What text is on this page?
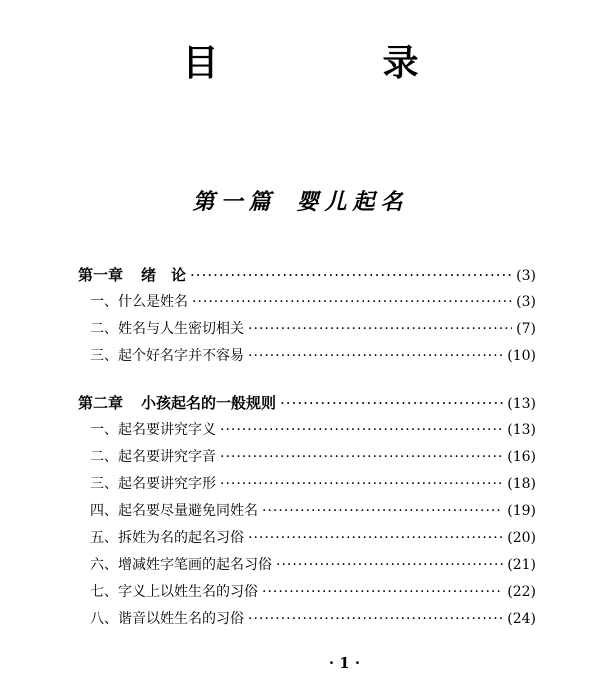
目　录
第一篇 婴儿起名
第一章 绪　论 ·····	(3)
一、什么是姓名 ·····	(3)
二、姓名与人生密切相关 ·····	(7)
三、起个好名字并不容易 ·····	(10)
第二章 小孩起名的一般规则 ·····	(13)
一、起名要讲究字义 ·····	(13)
二、起名要讲究字音 ·····	(16)
三、起名要讲究字形 ·····	(18)
四、起名要尽量避免同姓名 ·····	(19)
五、拆姓为名的起名习俗 ·····	(20)
六、增减姓字笔画的起名习俗 ·····	(21)
七、字义上以姓生名的习俗 ·····	(22)
八、谐音以姓生名的习俗 ·····	(24)
· 1 ·
